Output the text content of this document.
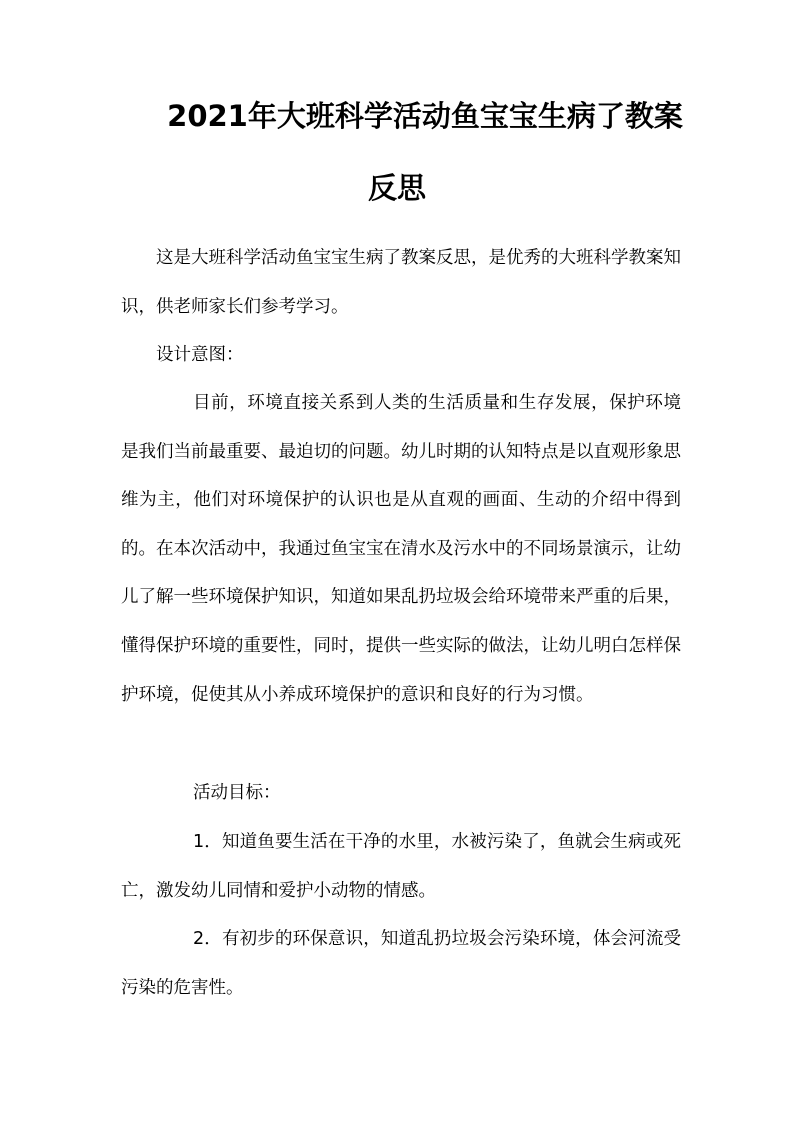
2021年大班科学活动鱼宝宝生病了教案
反思

这是大班科学活动鱼宝宝生病了教案反思，是优秀的大班科学教案知识，供老师家长们参考学习。

设计意图：

目前，环境直接关系到人类的生活质量和生存发展，保护环境是我们当前最重要、最迫切的问题。幼儿时期的认知特点是以直观形象思维为主，他们对环境保护的认识也是从直观的画面、生动的介绍中得到的。在本次活动中，我通过鱼宝宝在清水及污水中的不同场景演示，让幼儿了解一些环境保护知识，知道如果乱扔垃圾会给环境带来严重的后果，懂得保护环境的重要性，同时，提供一些实际的做法，让幼儿明白怎样保护环境，促使其从小养成环境保护的意识和良好的行为习惯。

活动目标：

1．知道鱼要生活在干净的水里，水被污染了，鱼就会生病或死亡，激发幼儿同情和爱护小动物的情感。

2．有初步的环保意识，知道乱扔垃圾会污染环境，体会河流受污染的危害性。
